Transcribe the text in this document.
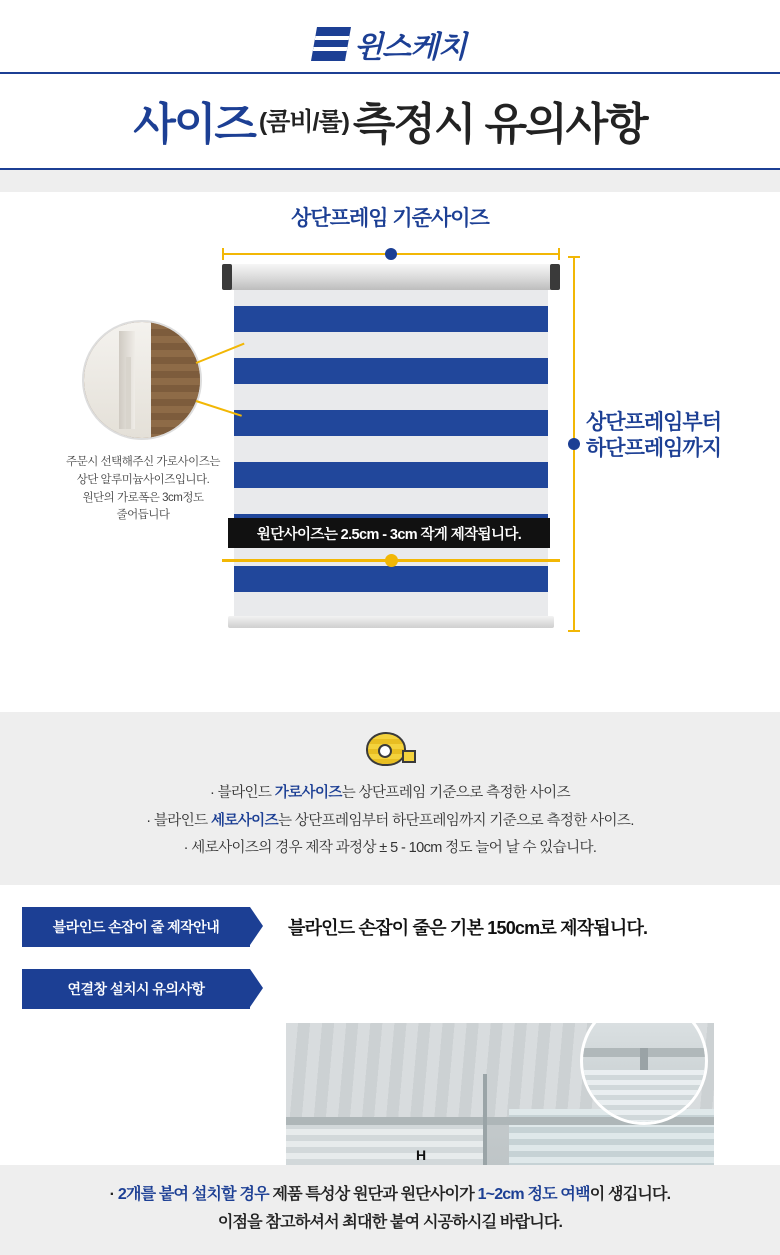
윈스케치
사이즈 (콤비/롤)측정시 유의사항
상단프레임 기준사이즈
상단프레임부터
하단프레임까지
원단사이즈는 2.5cm - 3cm 작게 제작됩니다.
주문시 선택해주신 가로사이즈는
상단 알루미늄사이즈입니다.
원단의 가로폭은 3cm정도
줄어듭니다
· 블라인드 가로사이즈는 상단프레임 기준으로 측정한 사이즈
· 블라인드 세로사이즈는 상단프레임부터 하단프레임까지 기준으로 측정한 사이즈.
· 세로사이즈의 경우 제작 과정상 ± 5 - 10cm 정도 늘어 날 수 있습니다.
블라인드 손잡이 줄 제작안내	블라인드 손잡이 줄은 기본 150cm로 제작됩니다.
연결창 설치시 유의사항
H
· 2개를 붙여 설치할 경우 제품 특성상 원단과 원단사이가 1~2cm 정도 여백이 생깁니다.
이점을 참고하셔서 최대한 붙여 시공하시길 바랍니다.
